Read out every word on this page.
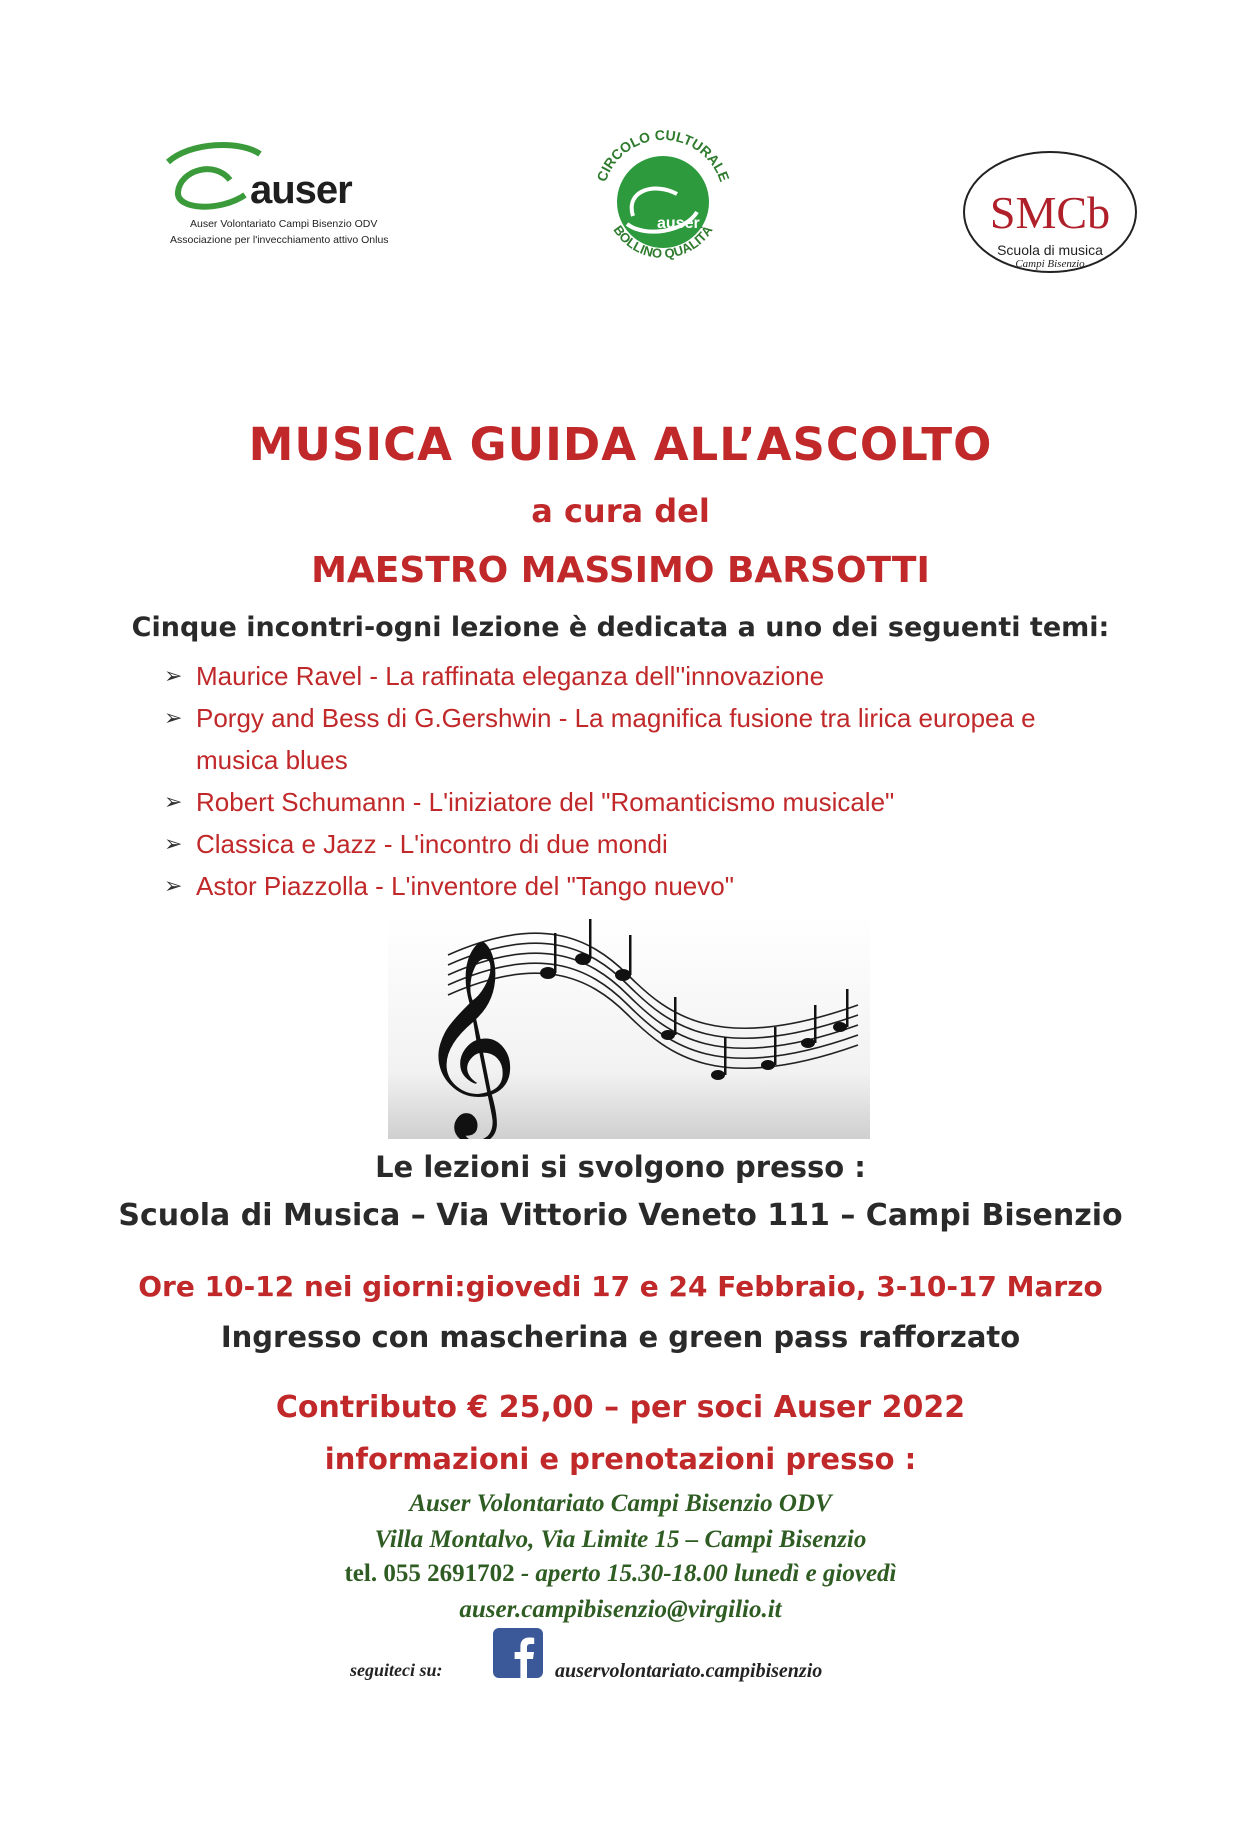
auser
Auser Volontariato Campi Bisenzio ODV
Associazione per l'invecchiamento attivo Onlus
CIRCOLO CULTURALE
BOLLINO QUALITÀ
auser	SMCb
Scuola di musica
Campi Bisenzio
MUSICA GUIDA ALL’ASCOLTO
a cura del
MAESTRO MASSIMO BARSOTTI
Cinque incontri-ogni lezione è dedicata a uno dei seguenti temi:
➢ Maurice Ravel - La raffinata eleganza dell''innovazione
➢ Porgy and Bess di G.Gershwin - La magnifica fusione tra lirica europea e musica blues
➢ Robert Schumann - L'iniziatore del "Romanticismo musicale"
➢ Classica e Jazz - L'incontro di due mondi
➢ Astor Piazzolla - L'inventore del "Tango nuevo"
𝄞
Le lezioni si svolgono presso :
Scuola di Musica – Via Vittorio Veneto 111 – Campi Bisenzio
Ore 10-12 nei giorni:giovedi 17 e 24 Febbraio, 3-10-17 Marzo
Ingresso con mascherina e green pass rafforzato
Contributo € 25,00 – per soci Auser 2022
informazioni e prenotazioni presso :
Auser Volontariato Campi Bisenzio ODV
Villa Montalvo, Via Limite 15 – Campi Bisenzio
tel. 055 2691702 - aperto 15.30-18.00 lunedì e giovedì
auser.campibisenzio@virgilio.it
seguiteci su:	auservolontariato.campibisenzio
